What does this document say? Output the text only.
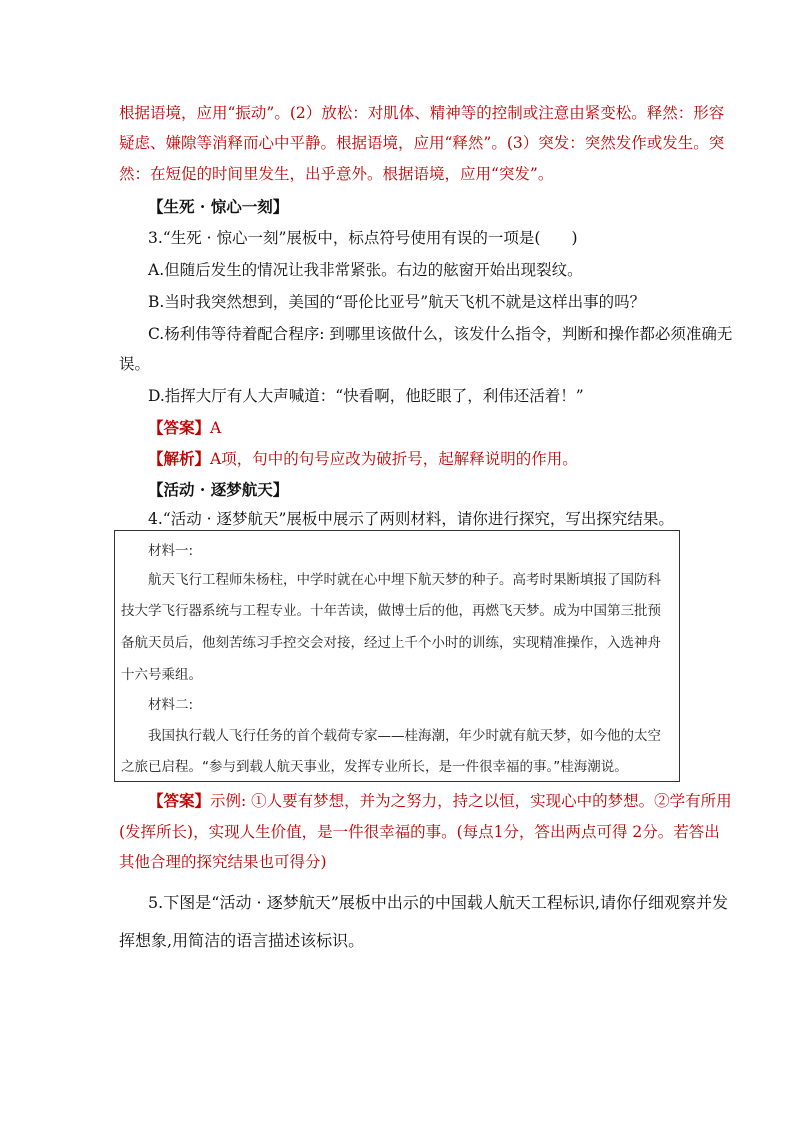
根据语境，应用“振动”。(2）放松：对肌体、精神等的控制或注意由紧变松。释然：形容
疑虑、嫌隙等消释而心中平静。根据语境，应用“释然”。(3）突发：突然发作或发生。突
然：在短促的时间里发生，出乎意外。根据语境，应用“突发”。
【生死 · 惊心一刻】
3.“生死 · 惊心一刻”展板中，标点符号使用有误的一项是(　　)
A.但随后发生的情况让我非常紧张。右边的舷窗开始出现裂纹。
B.当时我突然想到，美国的“哥伦比亚号”航天飞机不就是这样出事的吗？
C.杨利伟等待着配合程序: 到哪里该做什么，该发什么指令，判断和操作都必须准确无
误。
D.指挥大厅有人大声喊道：“快看啊，他眨眼了，利伟还活着！”
【答案】A
【解析】A项，句中的句号应改为破折号，起解释说明的作用。
【活动 · 逐梦航天】
4.“活动 · 逐梦航天”展板中展示了两则材料，请你进行探究，写出探究结果。
材料一:
航天飞行工程师朱杨柱，中学时就在心中埋下航天梦的种子。高考时果断填报了国防科
技大学飞行器系统与工程专业。十年苦读，做博士后的他，再燃飞天梦。成为中国第三批预
备航天员后，他刻苦练习手控交会对接，经过上千个小时的训练，实现精准操作，入选神舟
十六号乘组。
材料二:
我国执行载人飞行任务的首个载荷专家——桂海潮，年少时就有航天梦，如今他的太空
之旅已启程。“参与到载人航天事业，发挥专业所长，是一件很幸福的事。”桂海潮说。
【答案】示例: ①人要有梦想，并为之努力，持之以恒，实现心中的梦想。②学有所用
(发挥所长)，实现人生价值，是一件很幸福的事。(每点1分，答出两点可得 2分。若答出
其他合理的探究结果也可得分)
5.下图是“活动 · 逐梦航天”展板中出示的中国载人航天工程标识,请你仔细观察并发
挥想象,用简洁的语言描述该标识。
